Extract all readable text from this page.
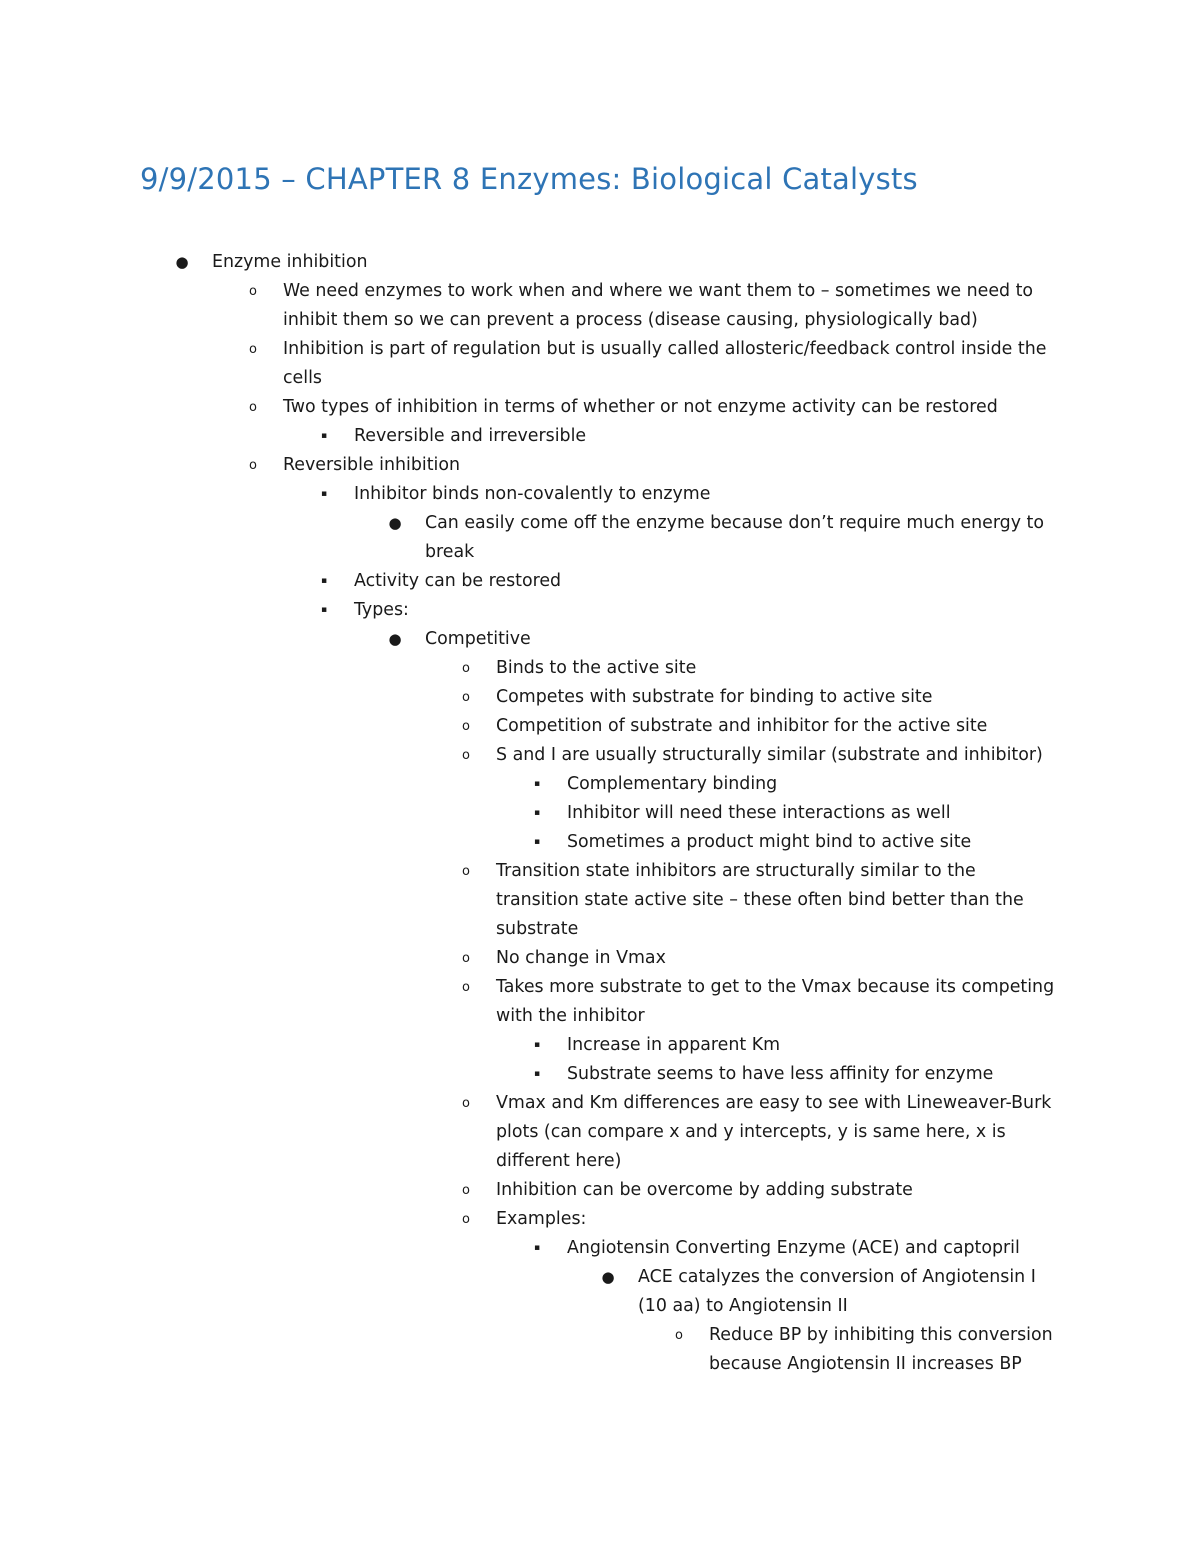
9/9/2015 – CHAPTER 8 Enzymes: Biological Catalysts
● Enzyme inhibition
o	We need enzymes to work when and where we want them to – sometimes we need to
inhibit them so we can prevent a process (disease causing, physiologically bad)
o	Inhibition is part of regulation but is usually called allosteric/feedback control inside the
cells
o	Two types of inhibition in terms of whether or not enzyme activity can be restored
▪	Reversible and irreversible
o	Reversible inhibition
▪	Inhibitor binds non-covalently to enzyme
● Can easily come off the enzyme because don’t require much energy to
break
▪	Activity can be restored
▪	Types:
● Competitive
o	Binds to the active site
o	Competes with substrate for binding to active site
o	Competition of substrate and inhibitor for the active site
o	S and I are usually structurally similar (substrate and inhibitor)
▪	Complementary binding
▪	Inhibitor will need these interactions as well
▪	Sometimes a product might bind to active site
o	Transition state inhibitors are structurally similar to the
transition state active site – these often bind better than the
substrate
o	No change in Vmax
o	Takes more substrate to get to the Vmax because its competing
with the inhibitor
▪	Increase in apparent Km
▪	Substrate seems to have less affinity for enzyme
o	Vmax and Km differences are easy to see with Lineweaver-Burk
plots (can compare x and y intercepts, y is same here, x is
different here)
o	Inhibition can be overcome by adding substrate
o	Examples:
▪	Angiotensin Converting Enzyme (ACE) and captopril
● ACE catalyzes the conversion of Angiotensin I
(10 aa) to Angiotensin II
o	Reduce BP by inhibiting this conversion
because Angiotensin II increases BP
